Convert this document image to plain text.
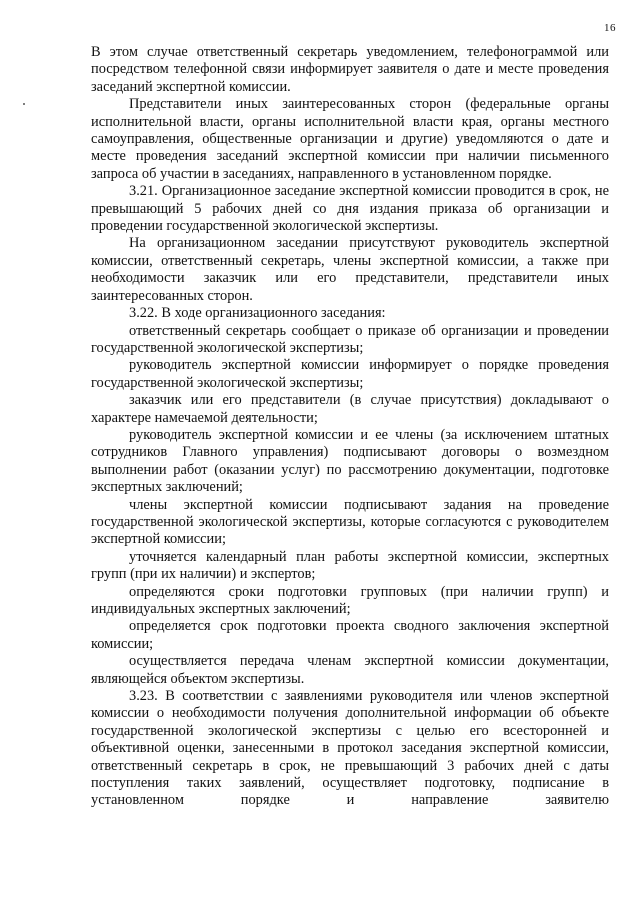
16

В этом случае ответственный секретарь уведомлением, телефонограммой или посредством телефонной связи информирует заявителя о дате и месте проведения заседаний экспертной комиссии.

Представители иных заинтересованных сторон (федеральные органы исполнительной власти, органы исполнительной власти края, органы местного самоуправления, общественные организации и другие) уведомляются о дате и месте проведения заседаний экспертной комиссии при наличии письменного запроса об участии в заседаниях, направленного в установленном порядке.

3.21. Организационное заседание экспертной комиссии проводится в срок, не превышающий 5 рабочих дней со дня издания приказа об организации и проведении государственной экологической экспертизы.

На организационном заседании присутствуют руководитель экспертной комиссии, ответственный секретарь, члены экспертной комиссии, а также при необходимости заказчик или его представители, представители иных заинтересованных сторон.

3.22. В ходе организационного заседания:

ответственный секретарь сообщает о приказе об организации и проведении государственной экологической экспертизы;

руководитель экспертной комиссии информирует о порядке проведения государственной экологической экспертизы;

заказчик или его представители (в случае присутствия) докладывают о характере намечаемой деятельности;

руководитель экспертной комиссии и ее члены (за исключением штатных сотрудников Главного управления) подписывают договоры о возмездном выполнении работ (оказании услуг) по рассмотрению документации, подготовке экспертных заключений;

члены экспертной комиссии подписывают задания на проведение государственной экологической экспертизы, которые согласуются с руководителем экспертной комиссии;

уточняется календарный план работы экспертной комиссии, экспертных групп (при их наличии) и экспертов;

определяются сроки подготовки групповых (при наличии групп) и индивидуальных экспертных заключений;

определяется срок подготовки проекта сводного заключения экспертной комиссии;

осуществляется передача членам экспертной комиссии документации, являющейся объектом экспертизы.

3.23. В соответствии с заявлениями руководителя или членов экспертной комиссии о необходимости получения дополнительной информации об объекте государственной экологической экспертизы с целью его всесторонней и объективной оценки, занесенными в протокол заседания экспертной комиссии, ответственный секретарь в срок, не превышающий 3 рабочих дней с даты поступления таких заявлений, осуществляет подготовку, подписание в установленном порядке и направление заявителю
